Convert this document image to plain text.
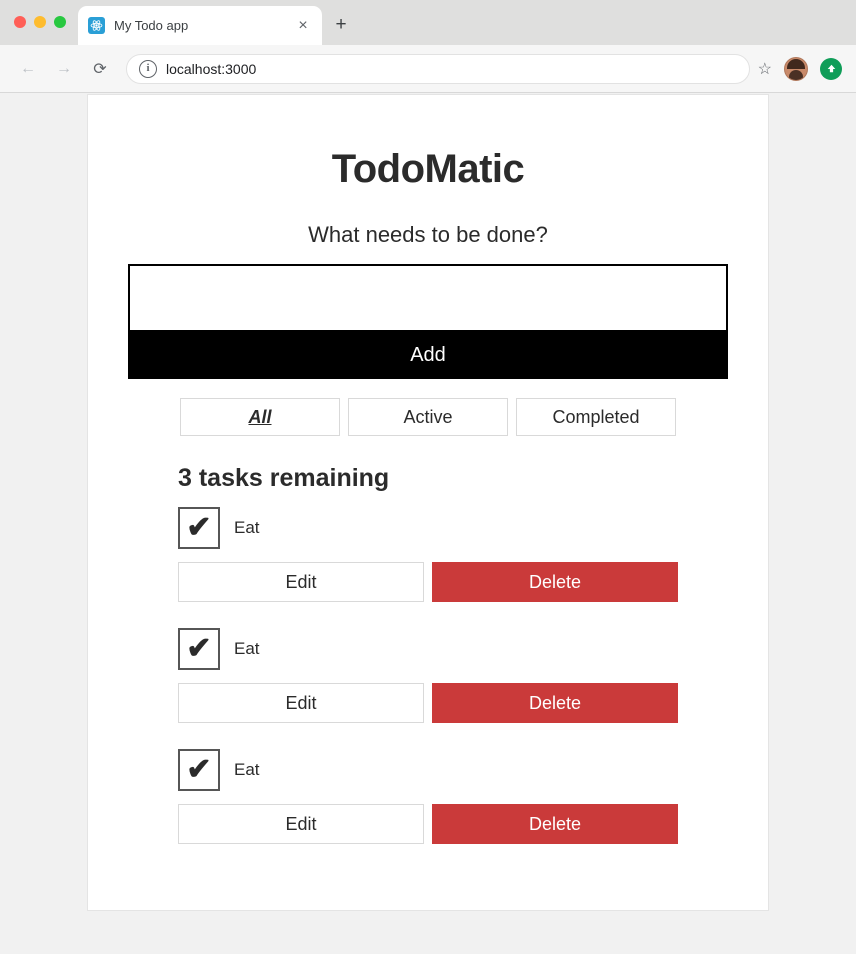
My Todo app	× +
←	→	⟳	i	localhost:3000	☆
TodoMatic
What needs to be done?
Add
All	Active	Completed
3 tasks remaining
✔ Eat
Edit	Delete
✔ Eat
Edit	Delete
✔ Eat
Edit	Delete
